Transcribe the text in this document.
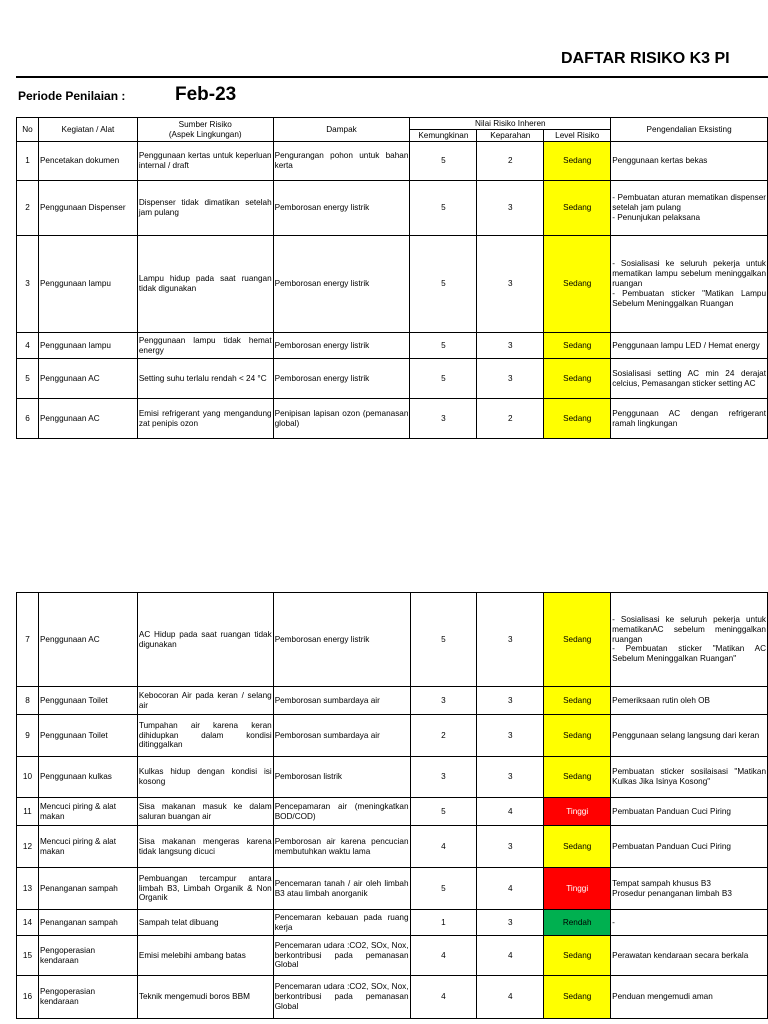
DAFTAR RISIKO K3 PI
Periode Penilaian :	Feb-23
No	Kegiatan / Alat	Sumber Risiko
(Aspek Lingkungan)	Dampak	Nilai Risiko Inheren			Pengendalian Eksisting
				Kemungkinan	Keparahan	Level Risiko	
1	Pencetakan dokumen	Penggunaan kertas untuk keperluan internal / draft	Pengurangan pohon untuk bahan kerta	5	2	Sedang	Penggunaan kertas bekas
2	Penggunaan Dispenser	Dispenser tidak dimatikan setelah jam pulang	Pemborosan energy listrik	5	3	Sedang	- Pembuatan aturan mematikan dispenser setelah jam pulang
- Penunjukan pelaksana
3	Penggunaan lampu	Lampu hidup pada saat ruangan tidak digunakan	Pemborosan energy listrik	5	3	Sedang	- Sosialisasi ke seluruh pekerja untuk mematikan lampu sebelum meninggalkan ruangan
- Pembuatan sticker "Matikan Lampu Sebelum Meninggalkan Ruangan
4	Penggunaan lampu	Penggunaan lampu tidak hemat energy	Pemborosan energy listrik	5	3	Sedang	Penggunaan lampu LED / Hemat energy
5	Penggunaan AC	Setting suhu terlalu rendah < 24 °C	Pemborosan energy listrik	5	3	Sedang	Sosialisasi setting AC min 24 derajat celcius, Pemasangan sticker setting AC
6	Penggunaan AC	Emisi refrigerant yang mengandung zat penipis ozon	Penipisan lapisan ozon (pemanasan global)	3	2	Sedang	Penggunaan AC dengan refrigerant ramah lingkungan
7	Penggunaan AC	AC Hidup pada saat ruangan tidak digunakan	Pemborosan energy listrik	5	3	Sedang	- Sosialisasi ke seluruh pekerja untuk mematikanAC sebelum meninggalkan ruangan
- Pembuatan sticker "Matikan AC Sebelum Meninggalkan Ruangan"
8	Penggunaan Toilet	Kebocoran Air pada keran / selang air	Pemborosan sumbardaya air	3	3	Sedang	Pemeriksaan rutin oleh OB
9	Penggunaan Toilet	Tumpahan air karena keran dihidupkan dalam kondisi ditinggalkan	Pemborosan sumbardaya air	2	3	Sedang	Penggunaan selang langsung dari keran
10	Penggunaan kulkas	Kulkas hidup dengan kondisi isi kosong	Pemborosan listrik	3	3	Sedang	Pembuatan sticker sosilaisasi "Matikan Kulkas Jika Isinya Kosong"
11	Mencuci piring & alat makan	Sisa makanan masuk ke dalam saluran buangan air	Pencepamaran air (meningkatkan BOD/COD)	5	4	Tinggi	Pembuatan Panduan Cuci Piring
12	Mencuci piring & alat makan	Sisa makanan mengeras karena tidak langsung dicuci	Pemborosan air karena pencucian membutuhkan waktu lama	4	3	Sedang	Pembuatan Panduan Cuci Piring
13	Penanganan sampah	Pembuangan tercampur antara limbah B3, Limbah Organik & Non Organik	Pencemaran tanah / air oleh limbah B3 atau limbah anorganik	5	4	Tinggi	Tempat sampah khusus B3
Prosedur penanganan limbah B3
14	Penanganan sampah	Sampah telat dibuang	Pencemaran kebauan pada ruang kerja	1	3	Rendah	-
15	Pengoperasian kendaraan	Emisi melebihi ambang batas	Pencemaran udara :CO2, SOx, Nox, berkontribusi pada pemanasan Global	4	4	Sedang	Perawatan kendaraan secara berkala
16	Pengoperasian kendaraan	Teknik mengemudi boros BBM	Pencemaran udara :CO2, SOx, Nox, berkontribusi pada pemanasan Global	4	4	Sedang	Penduan mengemudi aman
